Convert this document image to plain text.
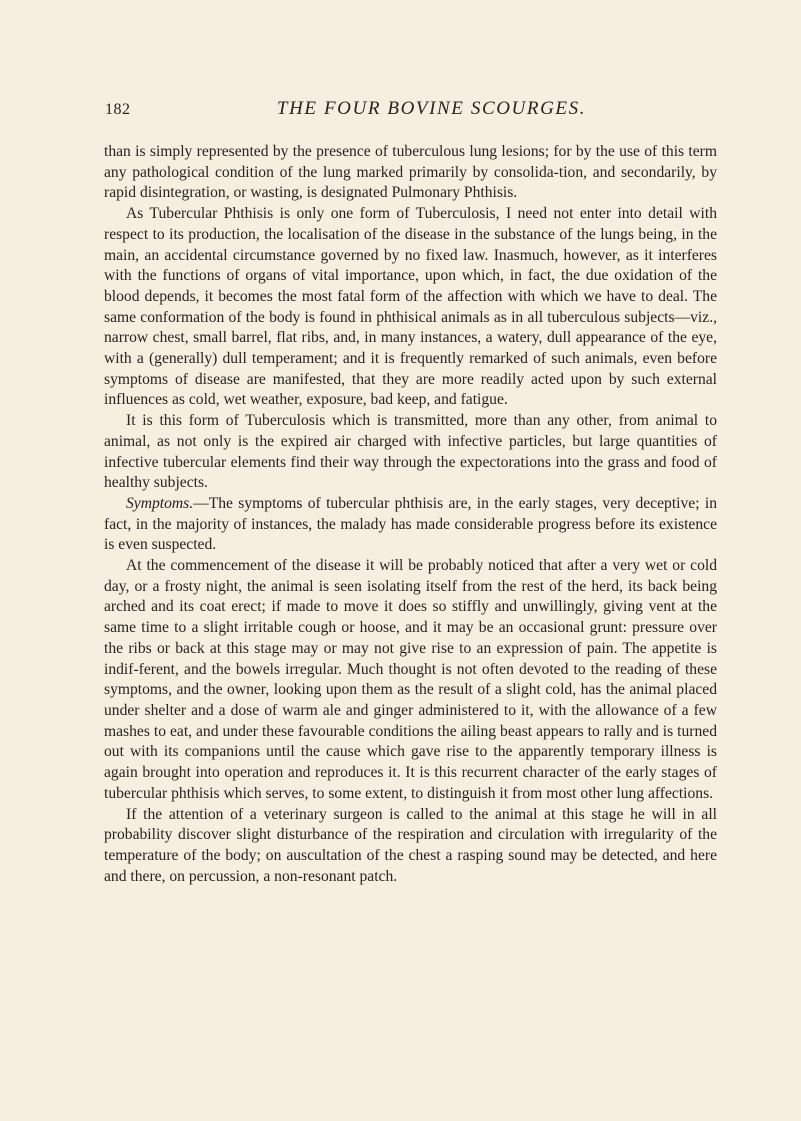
182	THE FOUR BOVINE SCOURGES.

than is simply represented by the presence of tuberculous lung lesions; for by the use of this term any pathological condition of the lung marked primarily by consolida-tion, and secondarily, by rapid disintegration, or wasting, is designated Pulmonary Phthisis.

As Tubercular Phthisis is only one form of Tuberculosis, I need not enter into detail with respect to its production, the localisation of the disease in the substance of the lungs being, in the main, an accidental circumstance governed by no fixed law. Inasmuch, however, as it interferes with the functions of organs of vital importance, upon which, in fact, the due oxidation of the blood depends, it becomes the most fatal form of the affection with which we have to deal. The same conformation of the body is found in phthisical animals as in all tuberculous subjects—viz., narrow chest, small barrel, flat ribs, and, in many instances, a watery, dull appearance of the eye, with a (generally) dull temperament; and it is frequently remarked of such animals, even before symptoms of disease are manifested, that they are more readily acted upon by such external influences as cold, wet weather, exposure, bad keep, and fatigue.

It is this form of Tuberculosis which is transmitted, more than any other, from animal to animal, as not only is the expired air charged with infective particles, but large quantities of infective tubercular elements find their way through the expectorations into the grass and food of healthy subjects.

Symptoms.—The symptoms of tubercular phthisis are, in the early stages, very deceptive; in fact, in the majority of instances, the malady has made considerable progress before its existence is even suspected.

At the commencement of the disease it will be probably noticed that after a very wet or cold day, or a frosty night, the animal is seen isolating itself from the rest of the herd, its back being arched and its coat erect; if made to move it does so stiffly and unwillingly, giving vent at the same time to a slight irritable cough or hoose, and it may be an occasional grunt: pressure over the ribs or back at this stage may or may not give rise to an expression of pain. The appetite is indif-ferent, and the bowels irregular. Much thought is not often devoted to the reading of these symptoms, and the owner, looking upon them as the result of a slight cold, has the animal placed under shelter and a dose of warm ale and ginger administered to it, with the allowance of a few mashes to eat, and under these favourable conditions the ailing beast appears to rally and is turned out with its companions until the cause which gave rise to the apparently temporary illness is again brought into operation and reproduces it. It is this recurrent character of the early stages of tubercular phthisis which serves, to some extent, to distinguish it from most other lung affections.

If the attention of a veterinary surgeon is called to the animal at this stage he will in all probability discover slight disturbance of the respiration and circulation with irregularity of the temperature of the body; on auscultation of the chest a rasping sound may be detected, and here and there, on percussion, a non-resonant patch.
